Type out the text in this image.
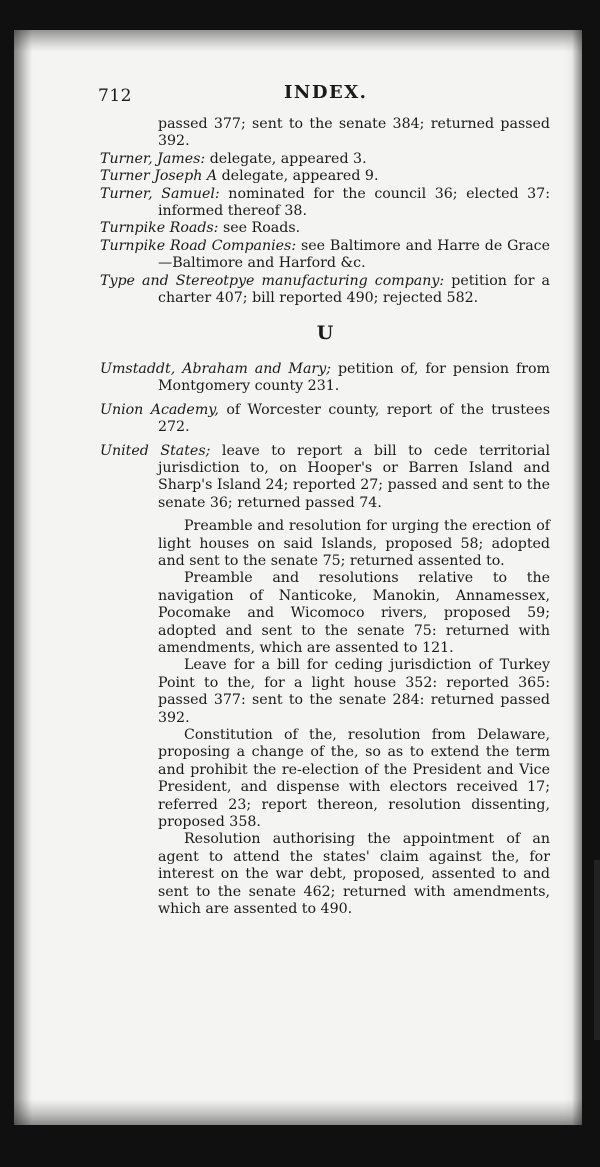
712	INDEX.

passed 377; sent to the senate 384; returned passed 392.

Turner, James: delegate, appeared 3.

Turner Joseph A delegate, appeared 9.

Turner, Samuel: nominated for the council 36; elected 37: informed thereof 38.

Turnpike Roads: see Roads.

Turnpike Road Companies: see Baltimore and Harre de Grace—Baltimore and Harford &c.

Type and Stereotpye manufacturing company: petition for a charter 407; bill reported 490; rejected 582.

U

Umstaddt, Abraham and Mary; petition of, for pension from Montgomery county 231.

Union Academy, of Worcester county, report of the trustees 272.

United States; leave to report a bill to cede territorial jurisdiction to, on Hooper's or Barren Island and Sharp's Island 24; reported 27; passed and sent to the senate 36; returned passed 74.

Preamble and resolution for urging the erection of light houses on said Islands, proposed 58; adopted and sent to the senate 75; returned assented to.

Preamble and resolutions relative to the navigation of Nanticoke, Manokin, Annamessex, Pocomake and Wicomoco rivers, proposed 59; adopted and sent to the senate 75: returned with amendments, which are assented to 121.

Leave for a bill for ceding jurisdiction of Turkey Point to the, for a light house 352: reported 365: passed 377: sent to the senate 284: returned passed 392.

Constitution of the, resolution from Delaware, proposing a change of the, so as to extend the term and prohibit the re-election of the President and Vice President, and dispense with electors received 17; referred 23; report thereon, resolution dissenting, proposed 358.

Resolution authorising the appointment of an agent to attend the states' claim against the, for interest on the war debt, proposed, assented to and sent to the senate 462; returned with amendments, which are assented to 490.
